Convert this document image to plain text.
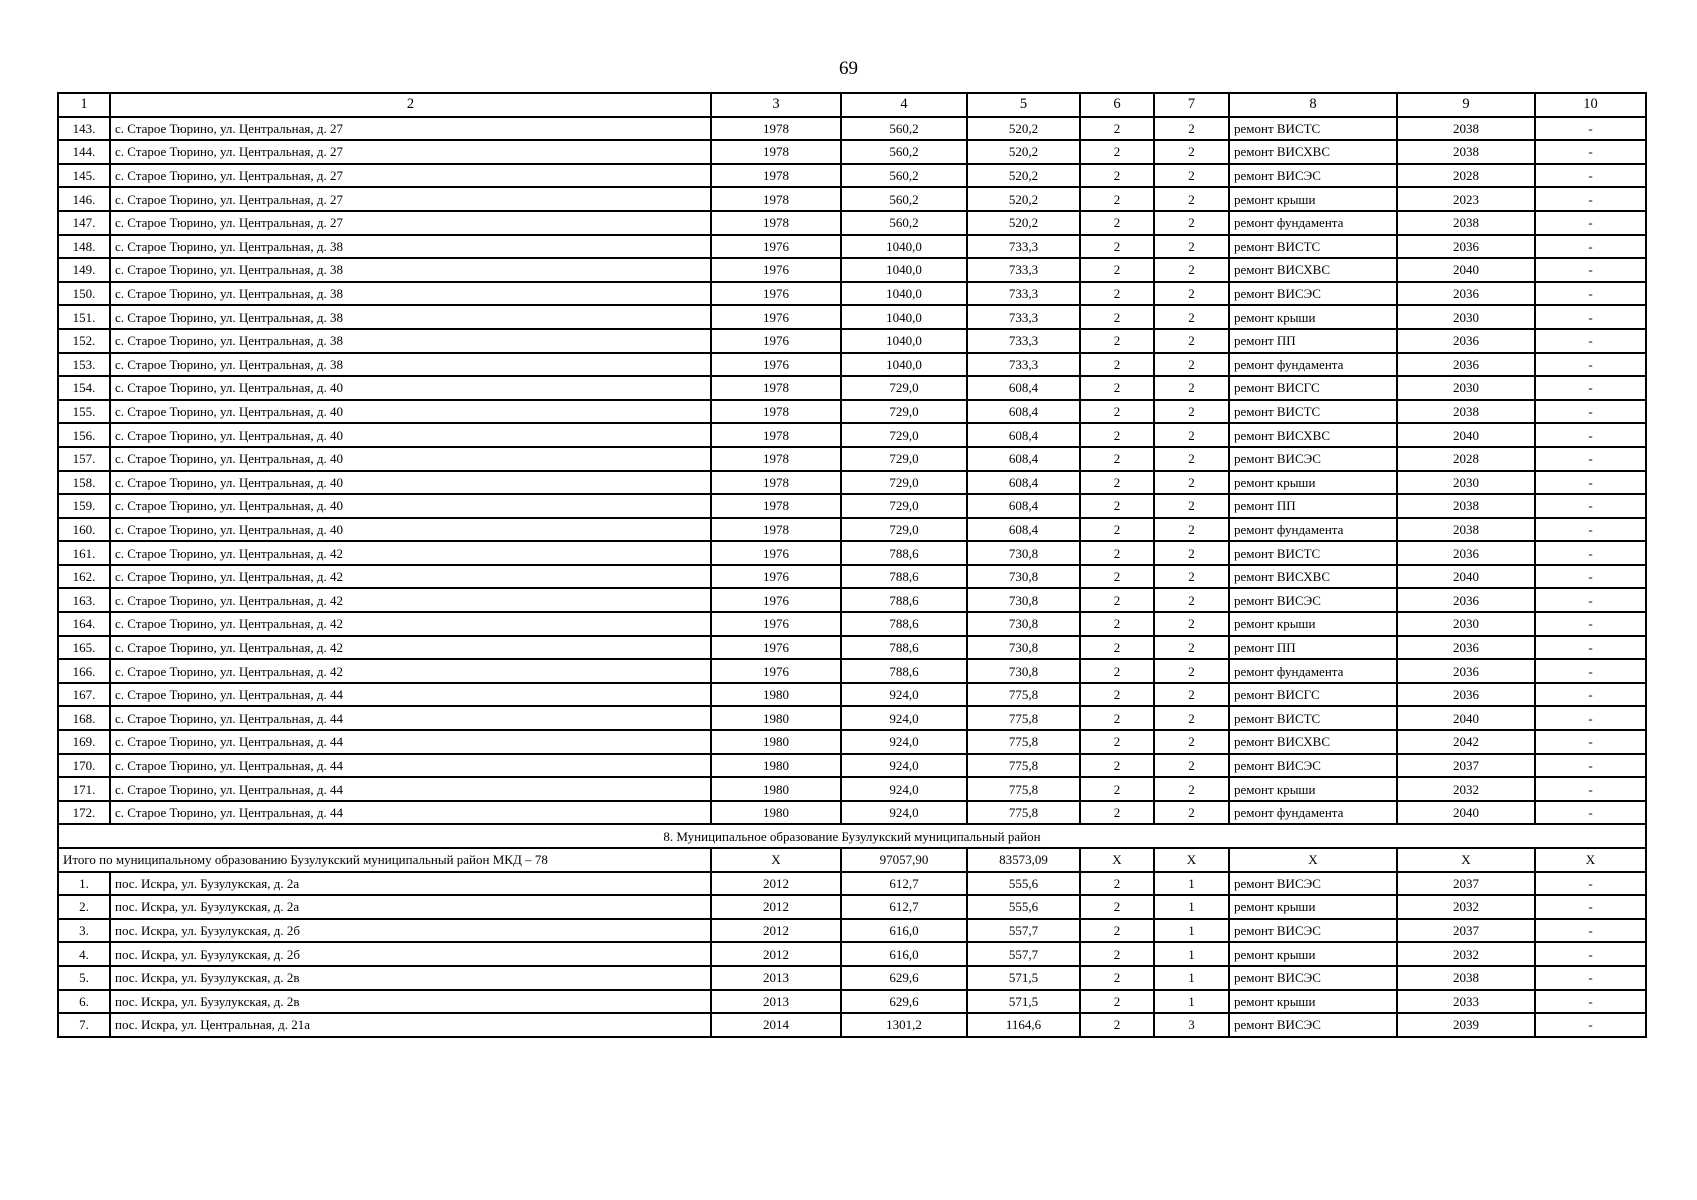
69
1	2	3	4	5	6	7	8	9	10
143.	с. Старое Тюрино, ул. Центральная, д. 27	1978	560,2	520,2	2	2	ремонт ВИСТС	2038	-
144.	с. Старое Тюрино, ул. Центральная, д. 27	1978	560,2	520,2	2	2	ремонт ВИСХВС	2038	-
145.	с. Старое Тюрино, ул. Центральная, д. 27	1978	560,2	520,2	2	2	ремонт ВИСЭС	2028	-
146.	с. Старое Тюрино, ул. Центральная, д. 27	1978	560,2	520,2	2	2	ремонт крыши	2023	-
147.	с. Старое Тюрино, ул. Центральная, д. 27	1978	560,2	520,2	2	2	ремонт фундамента	2038	-
148.	с. Старое Тюрино, ул. Центральная, д. 38	1976	1040,0	733,3	2	2	ремонт ВИСТС	2036	-
149.	с. Старое Тюрино, ул. Центральная, д. 38	1976	1040,0	733,3	2	2	ремонт ВИСХВС	2040	-
150.	с. Старое Тюрино, ул. Центральная, д. 38	1976	1040,0	733,3	2	2	ремонт ВИСЭС	2036	-
151.	с. Старое Тюрино, ул. Центральная, д. 38	1976	1040,0	733,3	2	2	ремонт крыши	2030	-
152.	с. Старое Тюрино, ул. Центральная, д. 38	1976	1040,0	733,3	2	2	ремонт ПП	2036	-
153.	с. Старое Тюрино, ул. Центральная, д. 38	1976	1040,0	733,3	2	2	ремонт фундамента	2036	-
154.	с. Старое Тюрино, ул. Центральная, д. 40	1978	729,0	608,4	2	2	ремонт ВИСГС	2030	-
155.	с. Старое Тюрино, ул. Центральная, д. 40	1978	729,0	608,4	2	2	ремонт ВИСТС	2038	-
156.	с. Старое Тюрино, ул. Центральная, д. 40	1978	729,0	608,4	2	2	ремонт ВИСХВС	2040	-
157.	с. Старое Тюрино, ул. Центральная, д. 40	1978	729,0	608,4	2	2	ремонт ВИСЭС	2028	-
158.	с. Старое Тюрино, ул. Центральная, д. 40	1978	729,0	608,4	2	2	ремонт крыши	2030	-
159.	с. Старое Тюрино, ул. Центральная, д. 40	1978	729,0	608,4	2	2	ремонт ПП	2038	-
160.	с. Старое Тюрино, ул. Центральная, д. 40	1978	729,0	608,4	2	2	ремонт фундамента	2038	-
161.	с. Старое Тюрино, ул. Центральная, д. 42	1976	788,6	730,8	2	2	ремонт ВИСТС	2036	-
162.	с. Старое Тюрино, ул. Центральная, д. 42	1976	788,6	730,8	2	2	ремонт ВИСХВС	2040	-
163.	с. Старое Тюрино, ул. Центральная, д. 42	1976	788,6	730,8	2	2	ремонт ВИСЭС	2036	-
164.	с. Старое Тюрино, ул. Центральная, д. 42	1976	788,6	730,8	2	2	ремонт крыши	2030	-
165.	с. Старое Тюрино, ул. Центральная, д. 42	1976	788,6	730,8	2	2	ремонт ПП	2036	-
166.	с. Старое Тюрино, ул. Центральная, д. 42	1976	788,6	730,8	2	2	ремонт фундамента	2036	-
167.	с. Старое Тюрино, ул. Центральная, д. 44	1980	924,0	775,8	2	2	ремонт ВИСГС	2036	-
168.	с. Старое Тюрино, ул. Центральная, д. 44	1980	924,0	775,8	2	2	ремонт ВИСТС	2040	-
169.	с. Старое Тюрино, ул. Центральная, д. 44	1980	924,0	775,8	2	2	ремонт ВИСХВС	2042	-
170.	с. Старое Тюрино, ул. Центральная, д. 44	1980	924,0	775,8	2	2	ремонт ВИСЭС	2037	-
171.	с. Старое Тюрино, ул. Центральная, д. 44	1980	924,0	775,8	2	2	ремонт крыши	2032	-
172.	с. Старое Тюрино, ул. Центральная, д. 44	1980	924,0	775,8	2	2	ремонт фундамента	2040	-
8. Муниципальное образование Бузулукский муниципальный район									
Итого по муниципальному образованию Бузулукский муниципальный район МКД – 78		Х	97057,90	83573,09	Х	Х	Х	Х	Х
1.	пос. Искра, ул. Бузулукская, д. 2а	2012	612,7	555,6	2	1	ремонт ВИСЭС	2037	-
2.	пос. Искра, ул. Бузулукская, д. 2а	2012	612,7	555,6	2	1	ремонт крыши	2032	-
3.	пос. Искра, ул. Бузулукская, д. 2б	2012	616,0	557,7	2	1	ремонт ВИСЭС	2037	-
4.	пос. Искра, ул. Бузулукская, д. 2б	2012	616,0	557,7	2	1	ремонт крыши	2032	-
5.	пос. Искра, ул. Бузулукская, д. 2в	2013	629,6	571,5	2	1	ремонт ВИСЭС	2038	-
6.	пос. Искра, ул. Бузулукская, д. 2в	2013	629,6	571,5	2	1	ремонт крыши	2033	-
7.	пос. Искра, ул. Центральная, д. 21а	2014	1301,2	1164,6	2	3	ремонт ВИСЭС	2039	-
